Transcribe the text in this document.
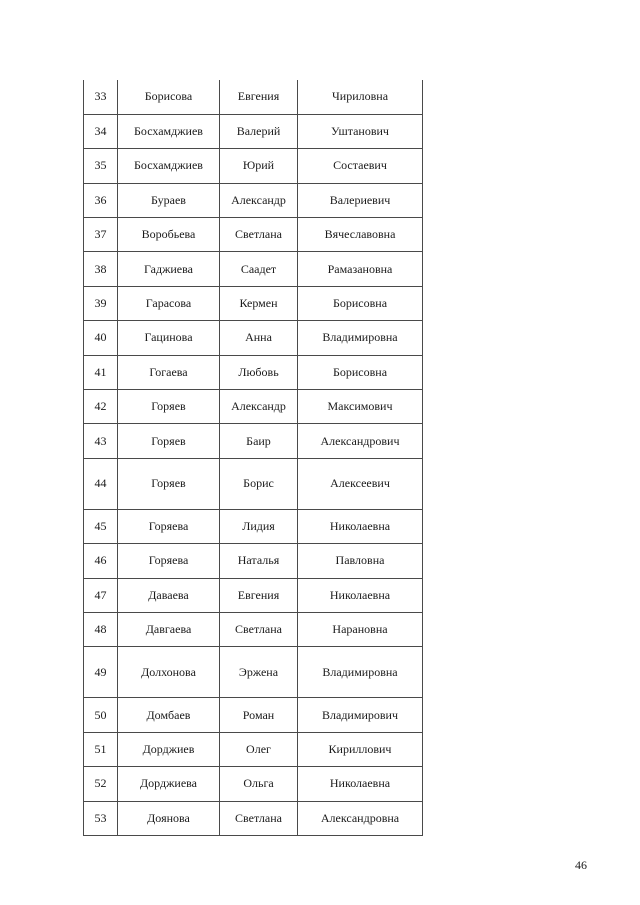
33	Борисова	Евгения	Чириловна
34	Босхамджиев	Валерий	Уштанович
35	Босхамджиев	Юрий	Состаевич
36	Бураев	Александр	Валериевич
37	Воробьева	Светлана	Вячеславовна
38	Гаджиева	Саадет	Рамазановна
39	Гарасова	Кермен	Борисовна
40	Гацинова	Анна	Владимировна
41	Гогаева	Любовь	Борисовна
42	Горяев	Александр	Максимович
43	Горяев	Баир	Александрович
44	Горяев	Борис	Алексеевич
45	Горяева	Лидия	Николаевна
46	Горяева	Наталья	Павловна
47	Даваева	Евгения	Николаевна
48	Давгаева	Светлана	Нарановна
49	Долхонова	Эржена	Владимировна
50	Домбаев	Роман	Владимирович
51	Дорджиев	Олег	Кириллович
52	Дорджиева	Ольга	Николаевна
53	Доянова	Светлана	Александровна
46
